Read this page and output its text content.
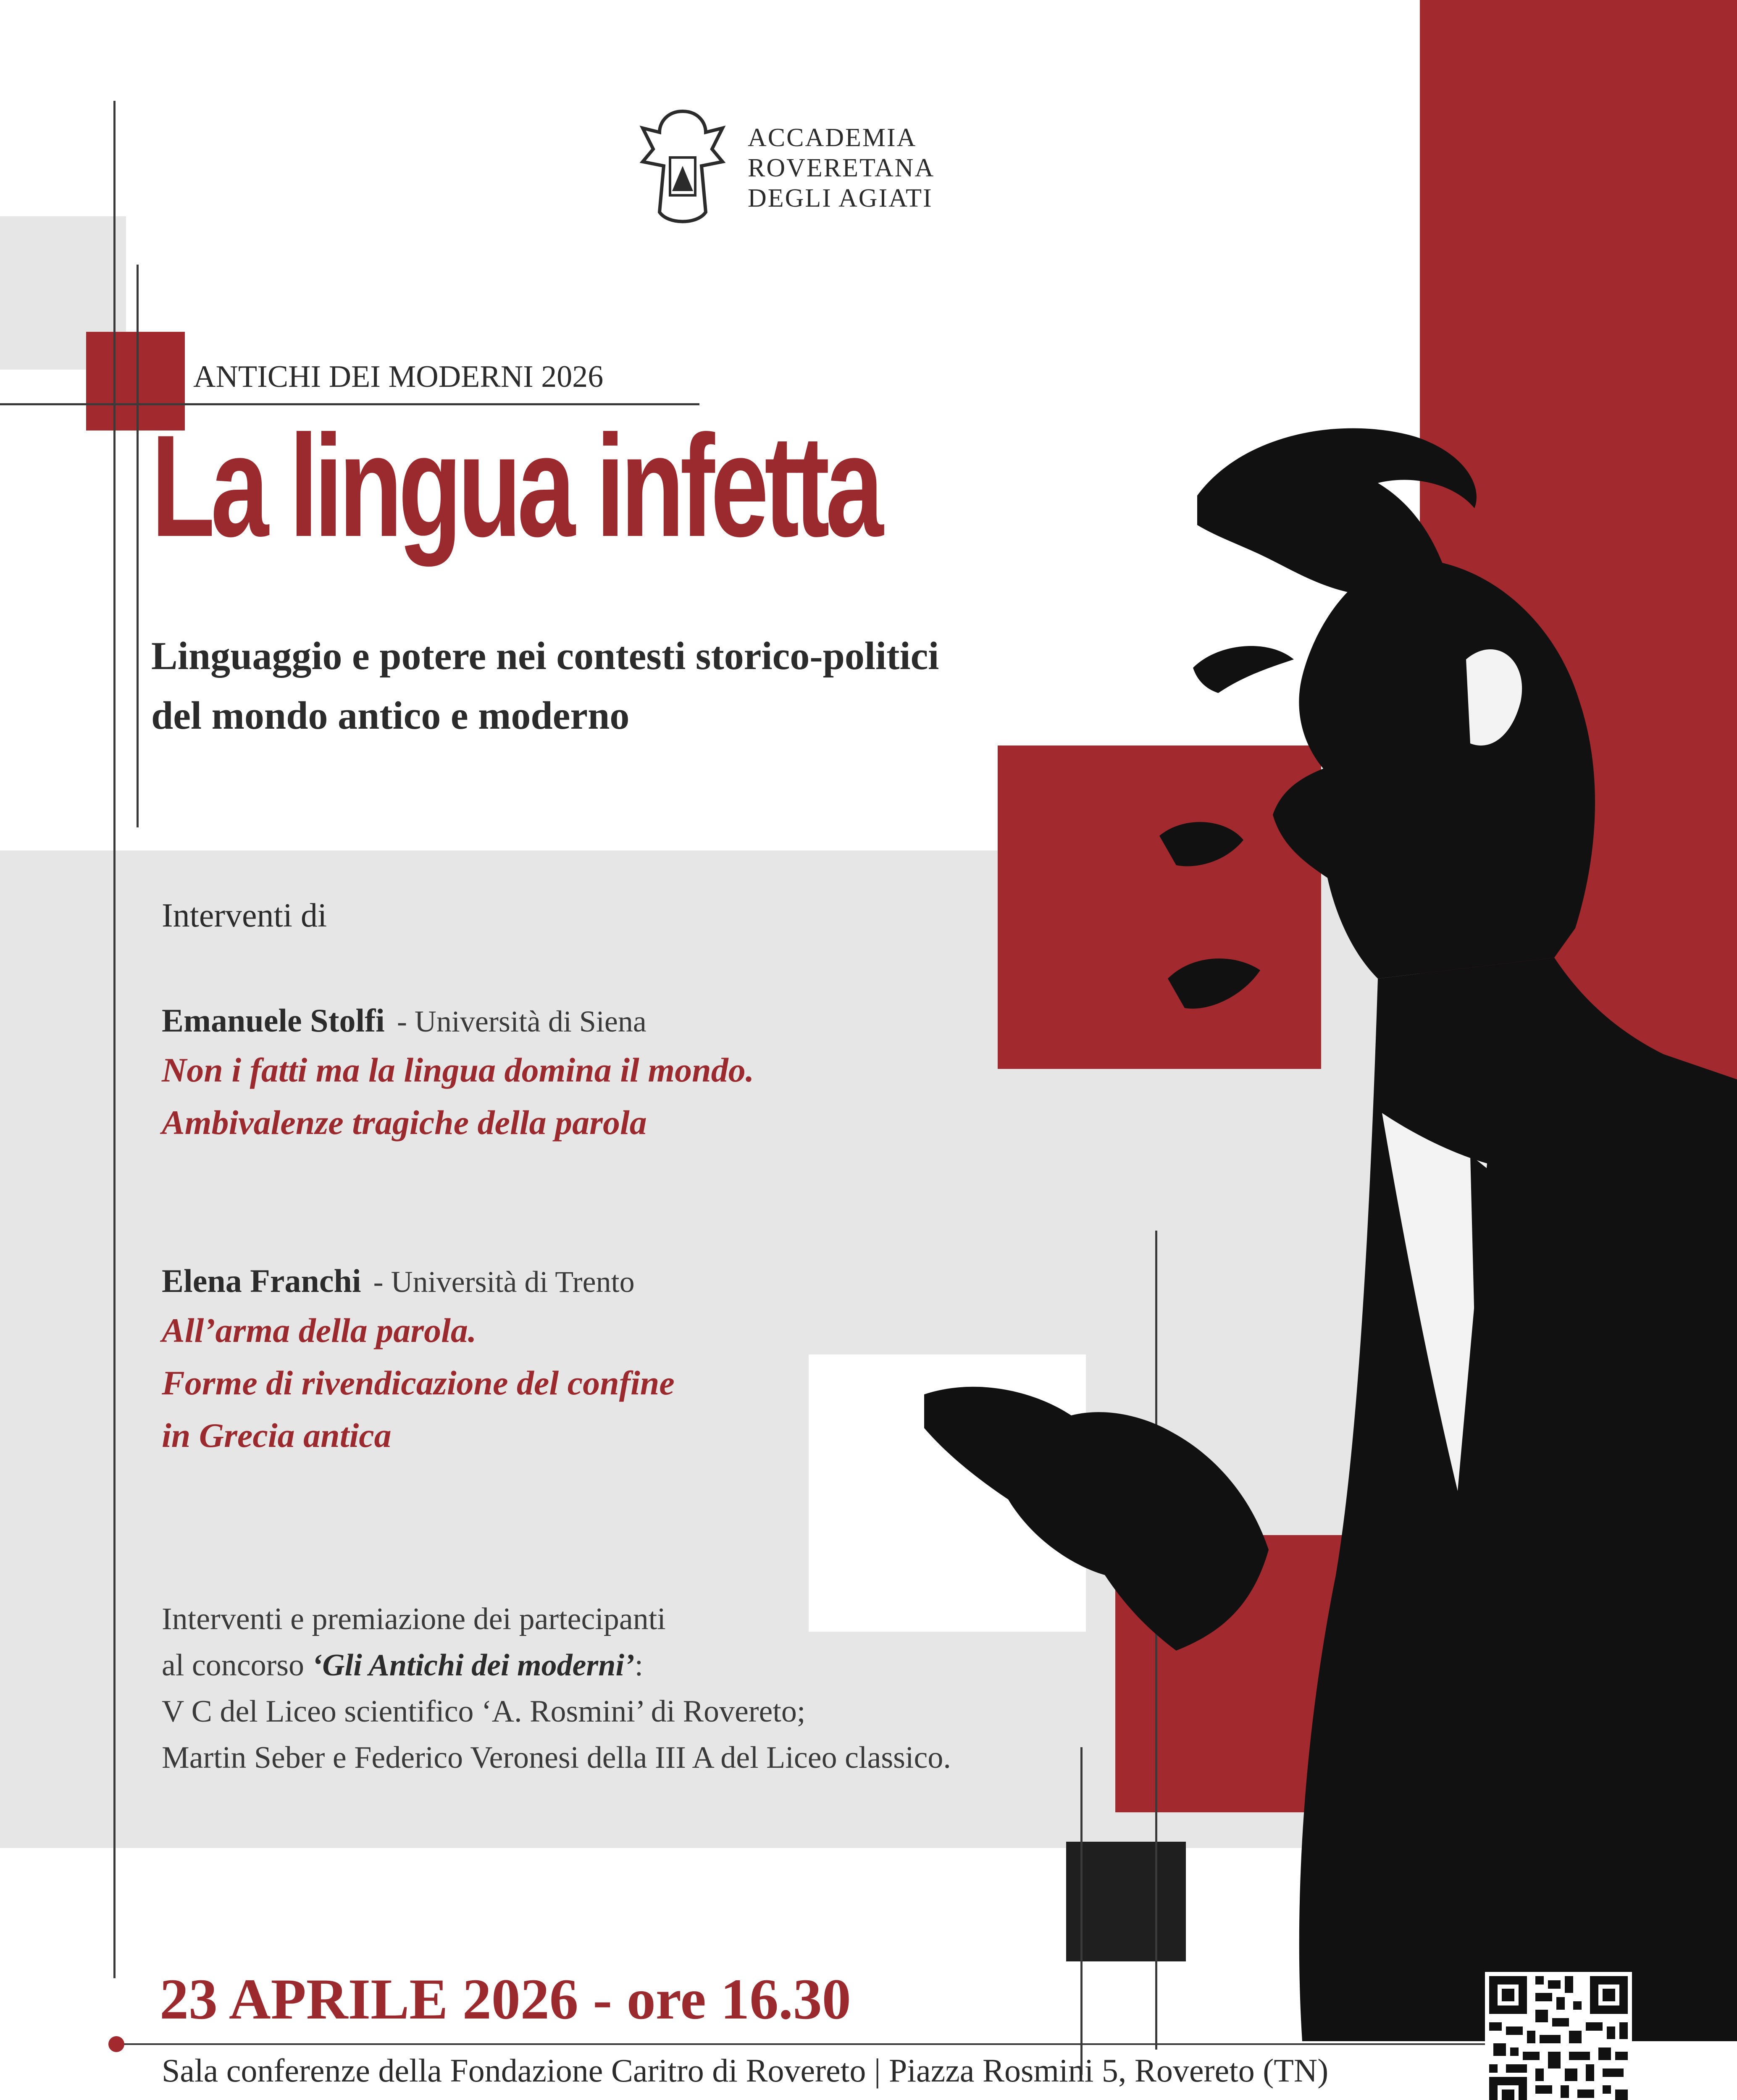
ACCADEMIA
ROVERETANA
DEGLI AGIATI
ANTICHI DEI MODERNI 2026
La lingua infetta
Linguaggio e potere nei contesti storico-politici
del mondo antico e moderno
Interventi di
Emanuele Stolfi - Università di Siena
Non i fatti ma la lingua domina il mondo.
Ambivalenze tragiche della parola
Elena Franchi - Università di Trento
All’arma della parola.
Forme di rivendicazione del confine
in Grecia antica
Interventi e premiazione dei partecipanti
al concorso ‘Gli Antichi dei moderni’:
V C del Liceo scientifico ‘A. Rosmini’ di Rovereto;
Martin Seber e Federico Veronesi della III A del Liceo classico.
23 APRILE 2026 - ore 16.30
Sala conferenze della Fondazione Caritro di Rovereto | Piazza Rosmini 5, Rovereto (TN)
